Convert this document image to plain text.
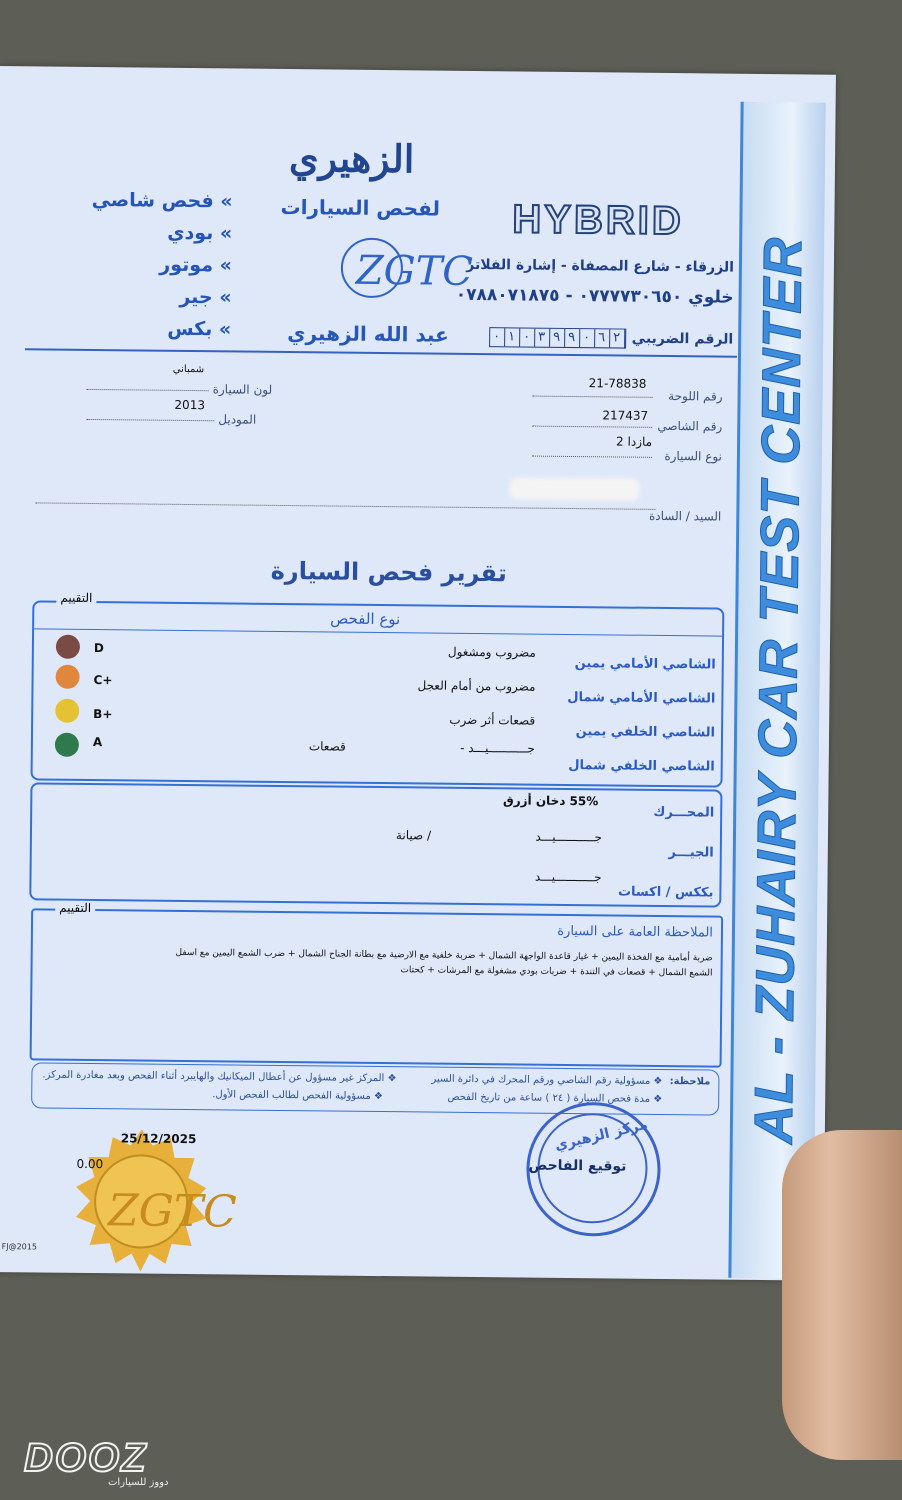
AL - ZUHAIRY CAR TEST CENTER
الزهيري
لفحص السيارات
ZGTC
عبد الله الزهيري
HYBRID
الزرقاء - شارع المصفاة - إشارة الفلاتر
خلوي ٠٧٧٧٧٣٠٦٥٠ - ٠٧٨٨٠٧١٨٧٥
الرقم الضريبي
٠ ١ ٠ ٣ ٩ ٩ ٠ ٦ ٢
» فحص شاصي
» بودي
» موتور
» جير
» بكس
رقم اللوحة
21-78838
رقم الشاصي
217437
نوع السيارة
مازدا 2
لون السيارة
شمباني
الموديل
2013
السيد / السادة
تقرير فحص السيارة
التقييم
نوع الفحص
الشاصي الأمامي يمين
مضروب ومشغول
الشاصي الأمامي شمال
مضروب من أمام العجل
الشاصي الخلفي يمين
قصعات أثر ضرب
الشاصي الخلفي شمال
جـــــــــــيـــد -
قصعات
D
C+
B+
A
المحـــرك
55% دخان أزرق
الجيـــر
جـــــــــــيـــد
/ صيانة
بككس / اكسات
جـــــــــــيـــد
التقييم
الملاحظة العامة على السيارة
ضربة أمامية مع الفخذة اليمين + غيار قاعدة الواجهة الشمال + ضربة خلفية مع الارضية مع بطانة الجناح الشمال + ضرب الشمع اليمين مع اسفل الشمع الشمال + قصعات في التندة + ضربات بودي مشغولة مع المرشات + كحتات
ملاحظة:
❖ مسؤولية رقم الشاصي ورقم المحرك في دائرة السير
❖ مدة فحص السيارة ( ٢٤ ) ساعة من تاريخ الفحص
❖ المركز غير مسؤول عن أعطال الميكانيك والهايبرد أثناء الفحص وبعد مغادرة المركز.
❖ مسؤولية الفحص لطالب الفحص الأول.
ZGTC
25/12/2025
0.00
مركز الزهيري
توقيع الفاحص
FJ@2015
DOOZ
دووز للسيارات
